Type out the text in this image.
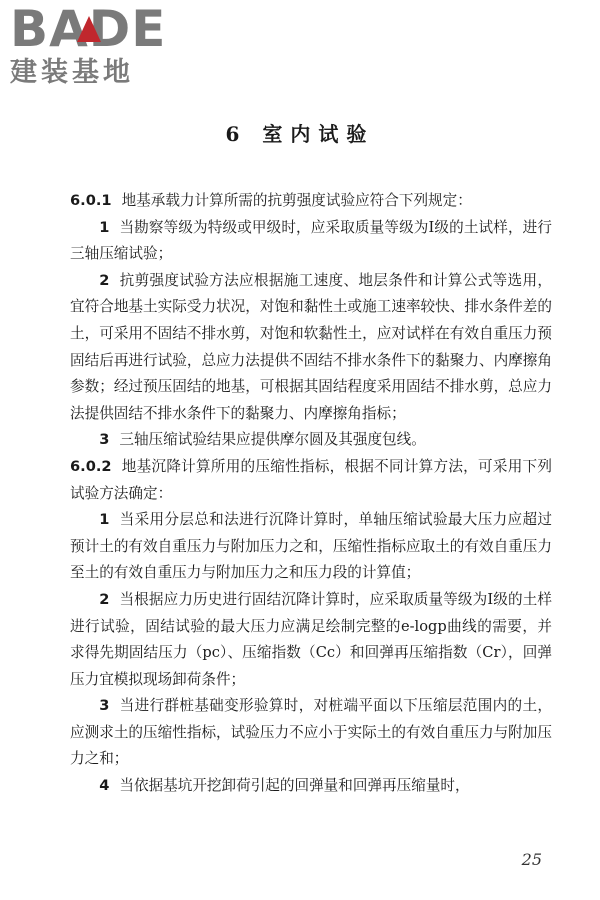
BADE
建装基地
6 室内试验

6.0.1 地基承载力计算所需的抗剪强度试验应符合下列规定：

1 当勘察等级为特级或甲级时，应采取质量等级为Ⅰ级的土试样，进行三轴压缩试验；

2 抗剪强度试验方法应根据施工速度、地层条件和计算公式等选用，宜符合地基土实际受力状况，对饱和黏性土或施工速率较快、排水条件差的土，可采用不固结不排水剪，对饱和软黏性土，应对试样在有效自重压力预固结后再进行试验，总应力法提供不固结不排水条件下的黏聚力、内摩擦角参数；经过预压固结的地基，可根据其固结程度采用固结不排水剪，总应力法提供固结不排水条件下的黏聚力、内摩擦角指标；

3 三轴压缩试验结果应提供摩尔圆及其强度包线。

6.0.2 地基沉降计算所用的压缩性指标，根据不同计算方法，可采用下列试验方法确定：

1 当采用分层总和法进行沉降计算时，单轴压缩试验最大压力应超过预计土的有效自重压力与附加压力之和，压缩性指标应取土的有效自重压力至土的有效自重压力与附加压力之和压力段的计算值；

2 当根据应力历史进行固结沉降计算时，应采取质量等级为Ⅰ级的土样进行试验，固结试验的最大压力应满足绘制完整的e-logp曲线的需要，并求得先期固结压力（pc）、压缩指数（Cc）和回弹再压缩指数（Cr），回弹压力宜模拟现场卸荷条件；

3 当进行群桩基础变形验算时，对桩端平面以下压缩层范围内的土，应测求土的压缩性指标，试验压力不应小于实际土的有效自重压力与附加压力之和；

4 当依据基坑开挖卸荷引起的回弹量和回弹再压缩量时，

25
